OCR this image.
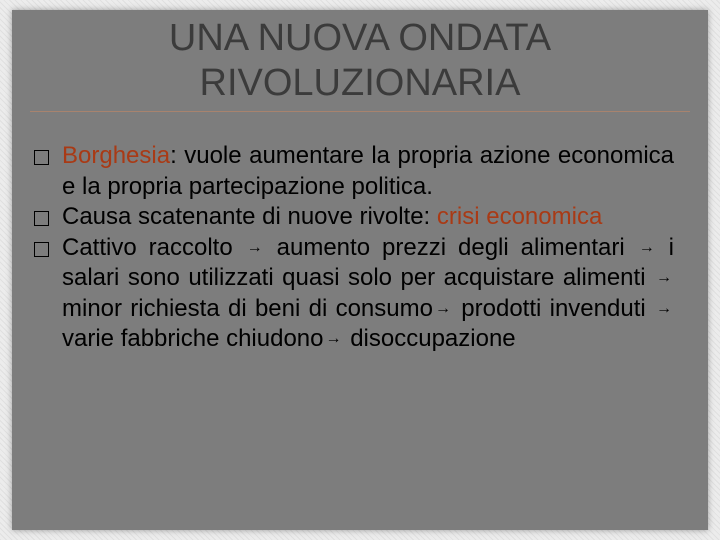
UNA NUOVA ONDATA
RIVOLUZIONARIA
Borghesia: vuole aumentare la propria azione economica e la propria partecipazione politica.
Causa scatenante di nuove rivolte: crisi economica
Cattivo raccolto → aumento prezzi degli alimentari → i salari sono utilizzati quasi solo per acquistare alimenti → minor richiesta di beni di consumo → prodotti invenduti → varie fabbriche chiudono → disoccupazione
